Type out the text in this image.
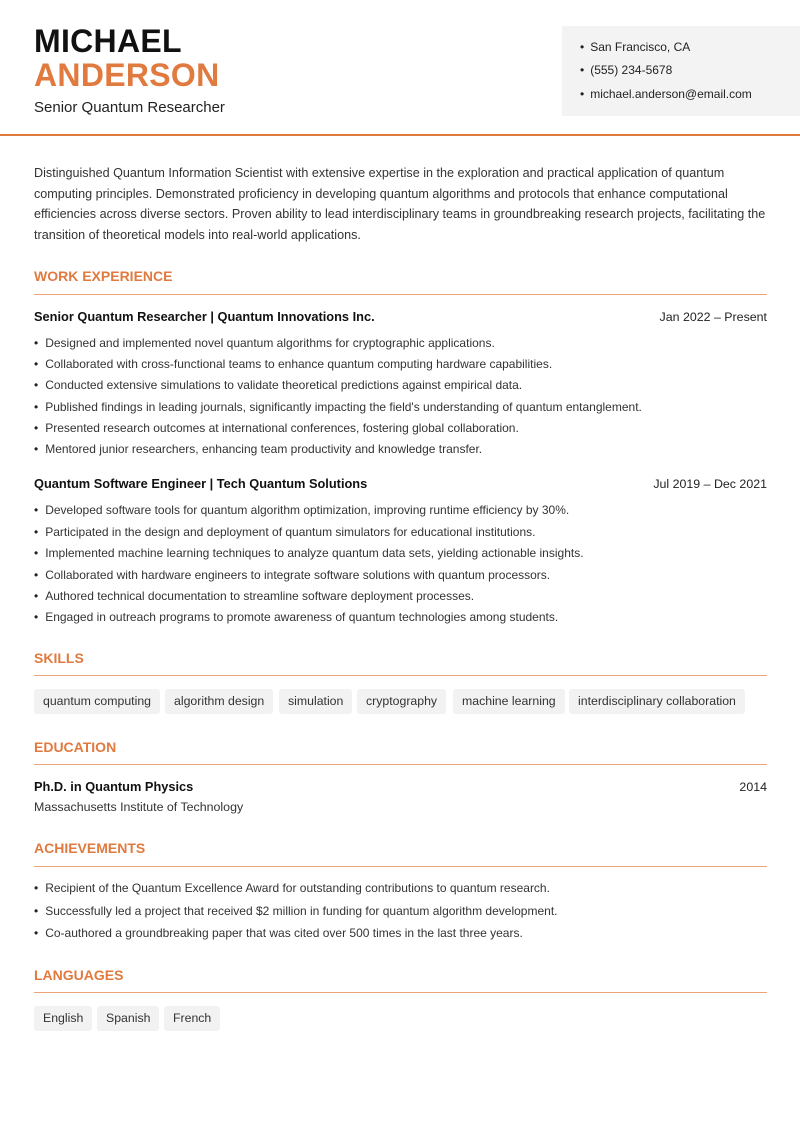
MICHAEL
ANDERSON
Senior Quantum Researcher
• San Francisco, CA
• (555) 234-5678
• michael.anderson@email.com

Distinguished Quantum Information Scientist with extensive expertise in the exploration and practical application of quantum computing principles. Demonstrated proficiency in developing quantum algorithms and protocols that enhance computational efficiencies across diverse sectors. Proven ability to lead interdisciplinary teams in groundbreaking research projects, facilitating the transition of theoretical models into real-world applications.

WORK EXPERIENCE
Senior Quantum Researcher | Quantum Innovations Inc.	Jan 2022 – Present
• Designed and implemented novel quantum algorithms for cryptographic applications.
• Collaborated with cross-functional teams to enhance quantum computing hardware capabilities.
• Conducted extensive simulations to validate theoretical predictions against empirical data.
• Published findings in leading journals, significantly impacting the field's understanding of quantum entanglement.
• Presented research outcomes at international conferences, fostering global collaboration.
• Mentored junior researchers, enhancing team productivity and knowledge transfer.
Quantum Software Engineer | Tech Quantum Solutions	Jul 2019 – Dec 2021
• Developed software tools for quantum algorithm optimization, improving runtime efficiency by 30%.
• Participated in the design and deployment of quantum simulators for educational institutions.
• Implemented machine learning techniques to analyze quantum data sets, yielding actionable insights.
• Collaborated with hardware engineers to integrate software solutions with quantum processors.
• Authored technical documentation to streamline software deployment processes.
• Engaged in outreach programs to promote awareness of quantum technologies among students.
SKILLS
quantum computing	algorithm design	simulation	cryptography	machine learning	interdisciplinary collaboration
EDUCATION
Ph.D. in Quantum Physics	2014
Massachusetts Institute of Technology
ACHIEVEMENTS
• Recipient of the Quantum Excellence Award for outstanding contributions to quantum research.
• Successfully led a project that received $2 million in funding for quantum algorithm development.
• Co-authored a groundbreaking paper that was cited over 500 times in the last three years.
LANGUAGES
English	Spanish	French
